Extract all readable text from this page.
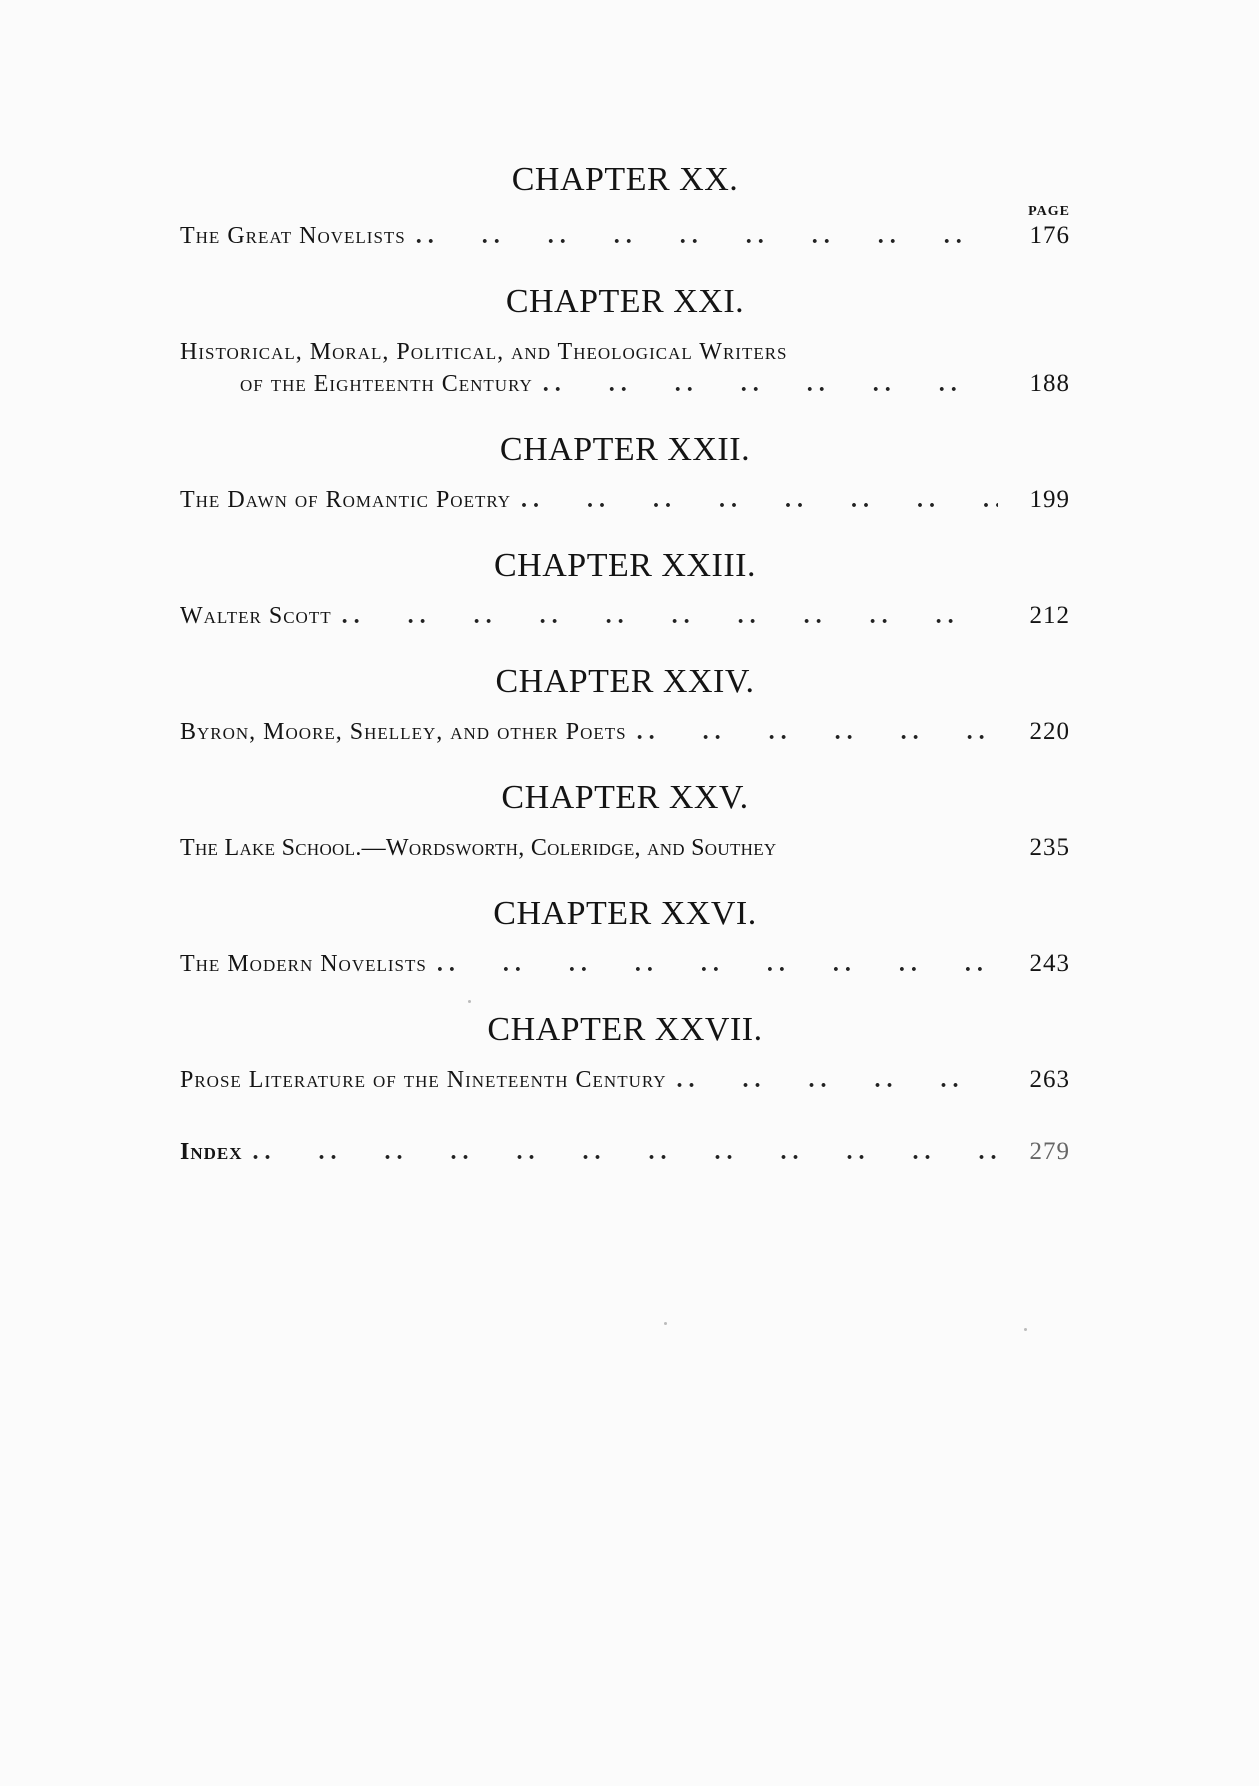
CHAPTER XX.
PAGE
The Great Novelists . .	176
CHAPTER XXI.
Historical, Moral, Political, and Theological Writers
of the Eighteenth Century . .	188
CHAPTER XXII.
The Dawn of Romantic Poetry . .	199
CHAPTER XXIII.
Walter Scott . .	212
CHAPTER XXIV.
Byron, Moore, Shelley, and other Poets . .	220
CHAPTER XXV.
The Lake School.—Wordsworth, Coleridge, and Southey	235
CHAPTER XXVI.
The Modern Novelists . .	243
CHAPTER XXVII.
Prose Literature of the Nineteenth Century . .	263
Index . .	279
